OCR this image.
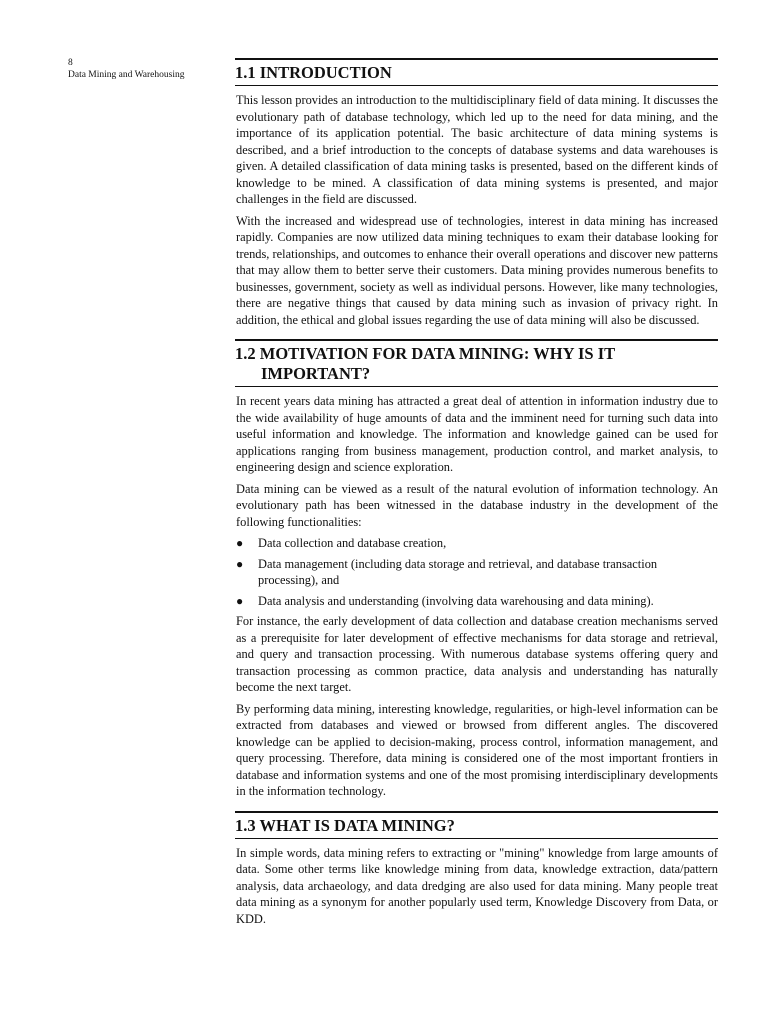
8
Data Mining and Warehousing	1.1 INTRODUCTION

This lesson provides an introduction to the multidisciplinary field of data mining. It discusses the evolutionary path of database technology, which led up to the need for data mining, and the importance of its application potential. The basic architecture of data mining systems is described, and a brief introduction to the concepts of database systems and data warehouses is given. A detailed classification of data mining tasks is presented, based on the different kinds of knowledge to be mined. A classification of data mining systems is presented, and major challenges in the field are discussed.

With the increased and widespread use of technologies, interest in data mining has increased rapidly. Companies are now utilized data mining techniques to exam their database looking for trends, relationships, and outcomes to enhance their overall operations and discover new patterns that may allow them to better serve their customers. Data mining provides numerous benefits to businesses, government, society as well as individual persons. However, like many technologies, there are negative things that caused by data mining such as invasion of privacy right. In addition, the ethical and global issues regarding the use of data mining will also be discussed.

1.2 MOTIVATION FOR DATA MINING: WHY IS IT
IMPORTANT?

In recent years data mining has attracted a great deal of attention in information industry due to the wide availability of huge amounts of data and the imminent need for turning such data into useful information and knowledge. The information and knowledge gained can be used for applications ranging from business management, production control, and market analysis, to engineering design and science exploration.

Data mining can be viewed as a result of the natural evolution of information technology. An evolutionary path has been witnessed in the database industry in the development of the following functionalities:

● Data collection and database creation,
● Data management (including data storage and retrieval, and database transaction processing), and
● Data analysis and understanding (involving data warehousing and data mining).

For instance, the early development of data collection and database creation mechanisms served as a prerequisite for later development of effective mechanisms for data storage and retrieval, and query and transaction processing. With numerous database systems offering query and transaction processing as common practice, data analysis and understanding has naturally become the next target.

By performing data mining, interesting knowledge, regularities, or high-level information can be extracted from databases and viewed or browsed from different angles. The discovered knowledge can be applied to decision-making, process control, information management, and query processing. Therefore, data mining is considered one of the most important frontiers in database and information systems and one of the most promising interdisciplinary developments in the information technology.

1.3 WHAT IS DATA MINING?

In simple words, data mining refers to extracting or "mining" knowledge from large amounts of data. Some other terms like knowledge mining from data, knowledge extraction, data/pattern analysis, data archaeology, and data dredging are also used for data mining. Many people treat data mining as a synonym for another popularly used term, Knowledge Discovery from Data, or KDD.
